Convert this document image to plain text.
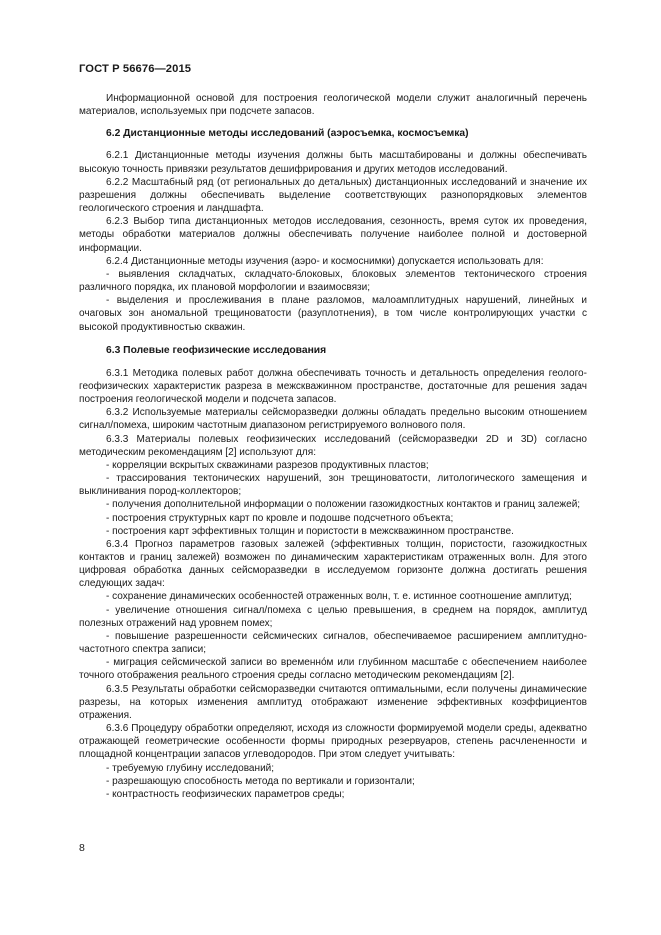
ГОСТ Р 56676—2015

Информационной основой для построения геологической модели служит аналогичный перечень материалов, используемых при подсчете запасов.

6.2 Дистанционные методы исследований (аэросъемка, космосъемка)

6.2.1 Дистанционные методы изучения должны быть масштабированы и должны обеспечивать высокую точность привязки результатов дешифрирования и других методов исследований.

6.2.2 Масштабный ряд (от региональных до детальных) дистанционных исследований и значение их разрешения должны обеспечивать выделение соответствующих разнопорядковых элементов геологического строения и ландшафта.

6.2.3 Выбор типа дистанционных методов исследования, сезонность, время суток их проведения, методы обработки материалов должны обеспечивать получение наиболее полной и достоверной информации.

6.2.4 Дистанционные методы изучения (аэро- и космоснимки) допускается использовать для:

- выявления складчатых, складчато-блоковых, блоковых элементов тектонического строения различного порядка, их плановой морфологии и взаимосвязи;

- выделения и прослеживания в плане разломов, малоамплитудных нарушений, линейных и очаговых зон аномальной трещиноватости (разуплотнения), в том числе контролирующих участки с высокой продуктивностью скважин.

6.3 Полевые геофизические исследования

6.3.1 Методика полевых работ должна обеспечивать точность и детальность определения геолого-геофизических характеристик разреза в межскважинном пространстве, достаточные для решения задач построения геологической модели и подсчета запасов.

6.3.2 Используемые материалы сейсморазведки должны обладать предельно высоким отношением сигнал/помеха, широким частотным диапазоном регистрируемого волнового поля.

6.3.3 Материалы полевых геофизических исследований (сейсморазведки 2D и 3D) согласно методическим рекомендациям [2] используют для:

- корреляции вскрытых скважинами разрезов продуктивных пластов;

- трассирования тектонических нарушений, зон трещиноватости, литологического замещения и выклинивания пород-коллекторов;

- получения дополнительной информации о положении газожидкостных контактов и границ залежей;

- построения структурных карт по кровле и подошве подсчетного объекта;

- построения карт эффективных толщин и пористости в межскважинном пространстве.

6.3.4 Прогноз параметров газовых залежей (эффективных толщин, пористости, газожидкостных контактов и границ залежей) возможен по динамическим характеристикам отраженных волн. Для этого цифровая обработка данных сейсморазведки в исследуемом горизонте должна достигать решения следующих задач:

- сохранение динамических особенностей отраженных волн, т. е. истинное соотношение амплитуд;

- увеличение отношения сигнал/помеха с целью превышения, в среднем на порядок, амплитуд полезных отражений над уровнем помех;

- повышение разрешенности сейсмических сигналов, обеспечиваемое расширением амплитудно-частотного спектра записи;

- миграция сейсмической записи во временно́м или глубинном масштабе с обеспечением наиболее точного отображения реального строения среды согласно методическим рекомендациям [2].

6.3.5 Результаты обработки сейсморазведки считаются оптимальными, если получены динамические разрезы, на которых изменения амплитуд отображают изменение эффективных коэффициентов отражения.

6.3.6 Процедуру обработки определяют, исходя из сложности формируемой модели среды, адекватно отражающей геометрические особенности формы природных резервуаров, степень расчлененности и площадной концентрации запасов углеводородов. При этом следует учитывать:

- требуемую глубину исследований;

- разрешающую способность метода по вертикали и горизонтали;

- контрастность геофизических параметров среды;

8
